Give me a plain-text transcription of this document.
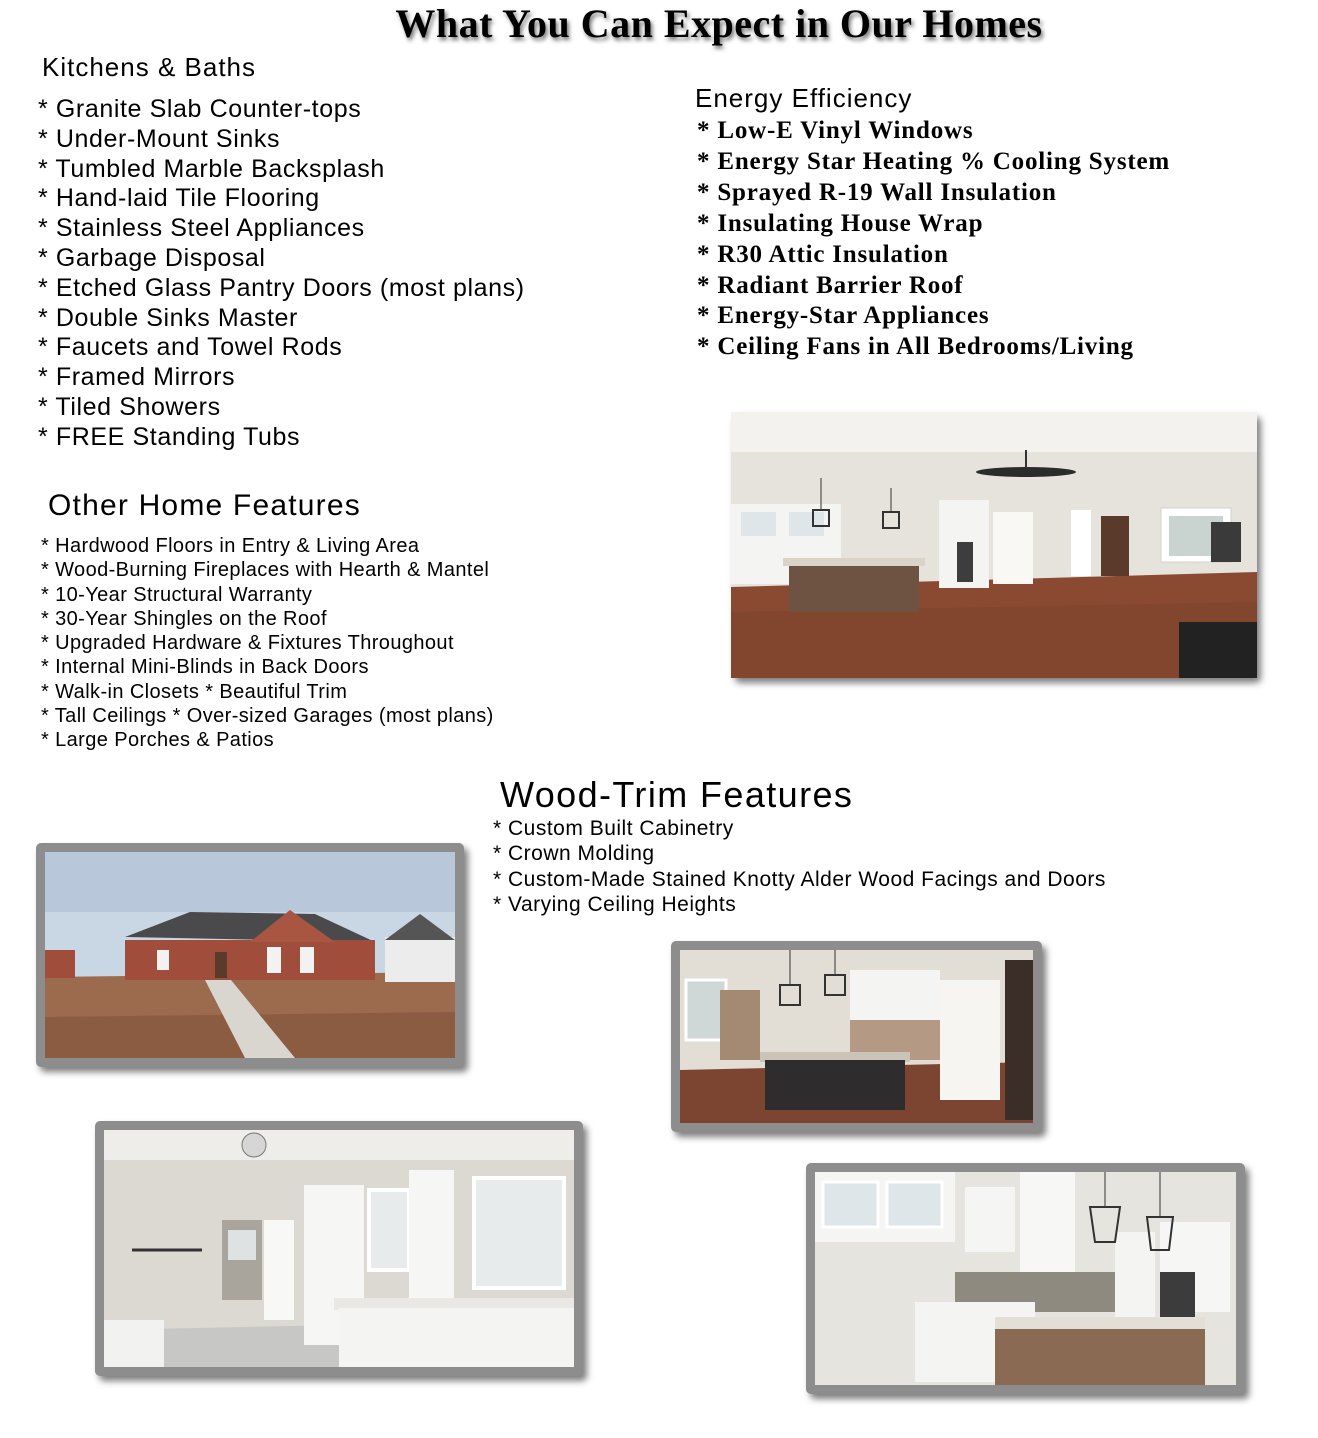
What You Can Expect in Our Homes
Kitchens & Baths
* Granite Slab Counter-tops
* Under-Mount Sinks
* Tumbled Marble Backsplash
* Hand-laid Tile Flooring
* Stainless Steel Appliances
* Garbage Disposal
* Etched Glass Pantry Doors (most plans)
* Double Sinks Master
* Faucets and Towel Rods
* Framed Mirrors
* Tiled Showers
* FREE Standing Tubs
Energy Efficiency
* Low-E Vinyl Windows
* Energy Star Heating % Cooling System
* Sprayed R-19 Wall Insulation
* Insulating House Wrap
* R30 Attic Insulation
* Radiant Barrier Roof
* Energy-Star Appliances
* Ceiling Fans in All Bedrooms/Living
Other Home Features
* Hardwood Floors in Entry & Living Area
* Wood-Burning Fireplaces with Hearth & Mantel
* 10-Year Structural Warranty
* 30-Year Shingles on the Roof
* Upgraded Hardware & Fixtures Throughout
* Internal Mini-Blinds in Back Doors
* Walk-in Closets * Beautiful Trim
* Tall Ceilings * Over-sized Garages (most plans)
* Large Porches & Patios
Wood-Trim Features
* Custom Built Cabinetry
* Crown Molding
* Custom-Made Stained Knotty Alder Wood Facings and Doors
* Varying Ceiling Heights
